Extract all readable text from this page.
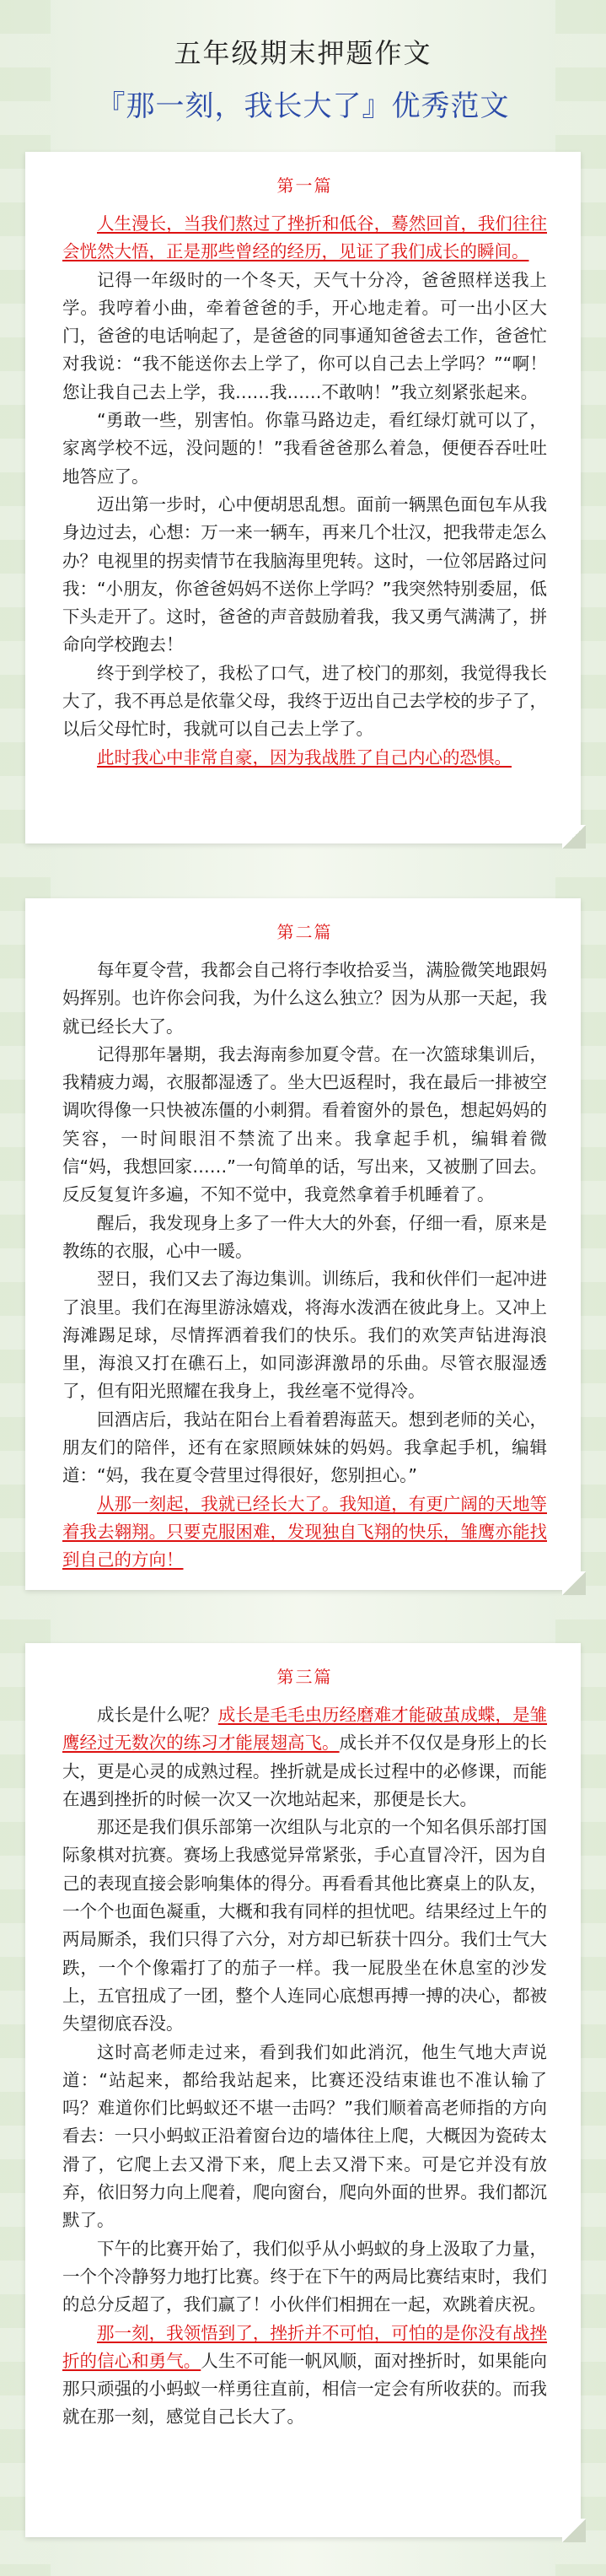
五年级期末押题作文
『那一刻，我长大了』优秀范文
第一篇

人生漫长，当我们熬过了挫折和低谷，蓦然回首，我们往往会恍然大悟，正是那些曾经的经历，见证了我们成长的瞬间。

记得一年级时的一个冬天，天气十分冷，爸爸照样送我上学。我哼着小曲，牵着爸爸的手，开心地走着。可一出小区大门，爸爸的电话响起了，是爸爸的同事通知爸爸去工作，爸爸忙对我说：“我不能送你去上学了，你可以自己去上学吗？”“啊！您让我自己去上学，我……我……不敢呐！”我立刻紧张起来。

“勇敢一些，别害怕。你靠马路边走，看红绿灯就可以了，家离学校不远，没问题的！”我看爸爸那么着急，便便吞吞吐吐地答应了。

迈出第一步时，心中便胡思乱想。面前一辆黑色面包车从我身边过去，心想：万一来一辆车，再来几个壮汉，把我带走怎么办？电视里的拐卖情节在我脑海里兜转。这时，一位邻居路过问我：“小朋友，你爸爸妈妈不送你上学吗？”我突然特别委屈，低下头走开了。这时，爸爸的声音鼓励着我，我又勇气满满了，拼命向学校跑去！

终于到学校了，我松了口气，进了校门的那刻，我觉得我长大了，我不再总是依靠父母，我终于迈出自己去学校的步子了，以后父母忙时，我就可以自己去上学了。

此时我心中非常自豪，因为我战胜了自己内心的恐惧。

第二篇

每年夏令营，我都会自己将行李收拾妥当，满脸微笑地跟妈妈挥别。也许你会问我，为什么这么独立？因为从那一天起，我就已经长大了。

记得那年暑期，我去海南参加夏令营。在一次篮球集训后，我精疲力竭，衣服都湿透了。坐大巴返程时，我在最后一排被空调吹得像一只快被冻僵的小刺猬。看着窗外的景色，想起妈妈的笑容，一时间眼泪不禁流了出来。我拿起手机，编辑着微信“妈，我想回家……”一句简单的话，写出来，又被删了回去。反反复复许多遍，不知不觉中，我竟然拿着手机睡着了。

醒后，我发现身上多了一件大大的外套，仔细一看，原来是教练的衣服，心中一暖。

翌日，我们又去了海边集训。训练后，我和伙伴们一起冲进了浪里。我们在海里游泳嬉戏，将海水泼洒在彼此身上。又冲上海滩踢足球，尽情挥洒着我们的快乐。我们的欢笑声钻进海浪里，海浪又打在礁石上，如同澎湃激昂的乐曲。尽管衣服湿透了，但有阳光照耀在我身上，我丝毫不觉得冷。

回酒店后，我站在阳台上看着碧海蓝天。想到老师的关心，朋友们的陪伴，还有在家照顾妹妹的妈妈。我拿起手机，编辑道：“妈，我在夏令营里过得很好，您别担心。”

从那一刻起，我就已经长大了。我知道，有更广阔的天地等着我去翱翔。只要克服困难，发现独自飞翔的快乐，雏鹰亦能找到自己的方向！

第三篇

成长是什么呢？成长是毛毛虫历经磨难才能破茧成蝶，是雏鹰经过无数次的练习才能展翅高飞。成长并不仅仅是身形上的长大，更是心灵的成熟过程。挫折就是成长过程中的必修课，而能在遇到挫折的时候一次又一次地站起来，那便是长大。

那还是我们俱乐部第一次组队与北京的一个知名俱乐部打国际象棋对抗赛。赛场上我感觉异常紧张，手心直冒冷汗，因为自己的表现直接会影响集体的得分。再看看其他比赛桌上的队友，一个个也面色凝重，大概和我有同样的担忧吧。结果经过上午的两局厮杀，我们只得了六分，对方却已斩获十四分。我们士气大跌，一个个像霜打了的茄子一样。我一屁股坐在休息室的沙发上，五官扭成了一团，整个人连同心底想再搏一搏的决心，都被失望彻底吞没。

这时高老师走过来，看到我们如此消沉，他生气地大声说道：“站起来，都给我站起来，比赛还没结束谁也不准认输了吗？难道你们比蚂蚁还不堪一击吗？”我们顺着高老师指的方向看去：一只小蚂蚁正沿着窗台边的墙体往上爬，大概因为瓷砖太滑了，它爬上去又滑下来，爬上去又滑下来。可是它并没有放弃，依旧努力向上爬着，爬向窗台，爬向外面的世界。我们都沉默了。

下午的比赛开始了，我们似乎从小蚂蚁的身上汲取了力量，一个个冷静努力地打比赛。终于在下午的两局比赛结束时，我们的总分反超了，我们赢了！小伙伴们相拥在一起，欢跳着庆祝。

那一刻，我领悟到了，挫折并不可怕，可怕的是你没有战挫折的信心和勇气。人生不可能一帆风顺，面对挫折时，如果能向那只顽强的小蚂蚁一样勇往直前，相信一定会有所收获的。而我就在那一刻，感觉自己长大了。
